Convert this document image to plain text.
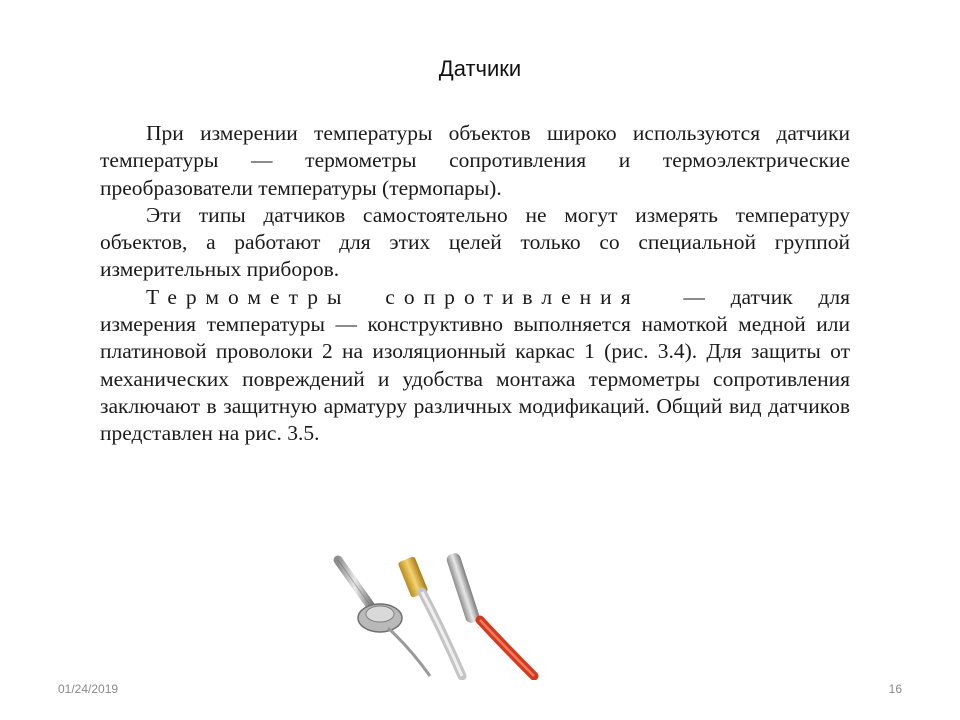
Датчики

При измерении температуры объектов широко используются датчики температуры — термометры сопротивления и термоэлектрические преобразователи температуры (термопары).

Эти типы датчиков самостоятельно не могут измерять температуру объектов, а работают для этих целей только со специальной группой измерительных приборов.

Термометры сопротивления — датчик для измерения температуры — конструктивно выполняется намоткой медной или платиновой проволоки 2 на изоляционный каркас 1 (рис. 3.4). Для защиты от механических повреждений и удобства монтажа термометры сопротивления заключают в защитную арматуру различных модификаций. Общий вид датчиков представлен на рис. 3.5.

01/24/2019	16
